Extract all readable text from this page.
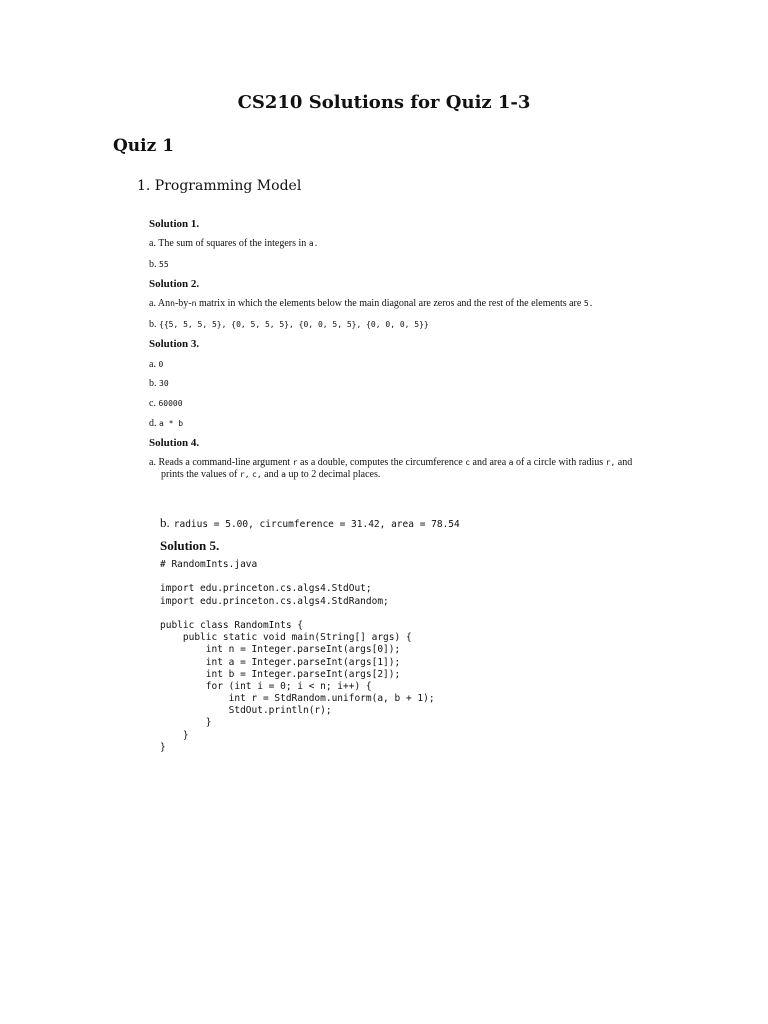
CS210 Solutions for Quiz 1-3
Quiz 1
1. Programming Model
Solution 1.
a. The sum of squares of the integers in a.
b. 55
Solution 2.
a. Ann-by-n matrix in which the elements below the main diagonal are zeros and the rest of the elements are 5.
b. {{5, 5, 5, 5}, {0, 5, 5, 5}, {0, 0, 5, 5}, {0, 0, 0, 5}}
Solution 3.
a. 0
b. 30
c. 60000
d. a * b
Solution 4.
a. Reads a command-line argument r as a double, computes the circumference c and area a of a circle with radius r, and
prints the values of r, c, and a up to 2 decimal places.
b. radius = 5.00, circumference = 31.42, area = 78.54
Solution 5.
# RandomInts.java
import edu.princeton.cs.algs4.StdOut;
import edu.princeton.cs.algs4.StdRandom;
public class RandomInts {
public static void main(String[] args) {
int n = Integer.parseInt(args[0]);
int a = Integer.parseInt(args[1]);
int b = Integer.parseInt(args[2]);
for (int i = 0; i < n; i++) {
int r = StdRandom.uniform(a, b + 1);
StdOut.println(r);
}
}
}
